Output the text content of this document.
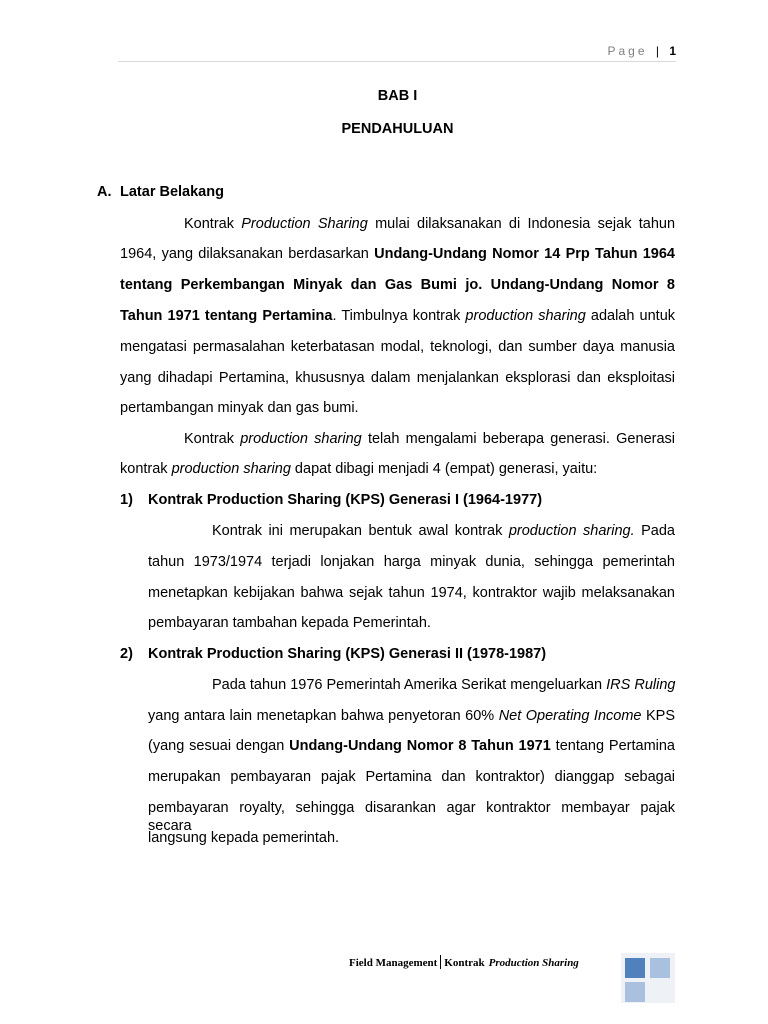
Page | 1
BAB I
PENDAHULUAN
A. Latar Belakang
Kontrak Production Sharing mulai dilaksanakan di Indonesia sejak tahun
1964, yang dilaksanakan berdasarkan Undang-Undang Nomor 14 Prp Tahun 1964
tentang Perkembangan Minyak dan Gas Bumi jo. Undang-Undang Nomor 8
Tahun 1971 tentang Pertamina. Timbulnya kontrak production sharing adalah untuk
mengatasi permasalahan keterbatasan modal, teknologi, dan sumber daya manusia
yang dihadapi Pertamina, khususnya dalam menjalankan eksplorasi dan eksploitasi
pertambangan minyak dan gas bumi.
Kontrak production sharing telah mengalami beberapa generasi. Generasi
kontrak production sharing dapat dibagi menjadi 4 (empat) generasi, yaitu:
1) Kontrak Production Sharing (KPS) Generasi I (1964-1977)
Kontrak ini merupakan bentuk awal kontrak production sharing. Pada
tahun 1973/1974 terjadi lonjakan harga minyak dunia, sehingga pemerintah
menetapkan kebijakan bahwa sejak tahun 1974, kontraktor wajib melaksanakan
pembayaran tambahan kepada Pemerintah.
2) Kontrak Production Sharing (KPS) Generasi II (1978-1987)
Pada tahun 1976 Pemerintah Amerika Serikat mengeluarkan IRS Ruling
yang antara lain menetapkan bahwa penyetoran 60% Net Operating Income KPS
(yang sesuai dengan Undang-Undang Nomor 8 Tahun 1971 tentang Pertamina
merupakan pembayaran pajak Pertamina dan kontraktor) dianggap sebagai
pembayaran royalty, sehingga disarankan agar kontraktor membayar pajak secara
langsung kepada pemerintah.
Field Management Kontrak Production Sharing
